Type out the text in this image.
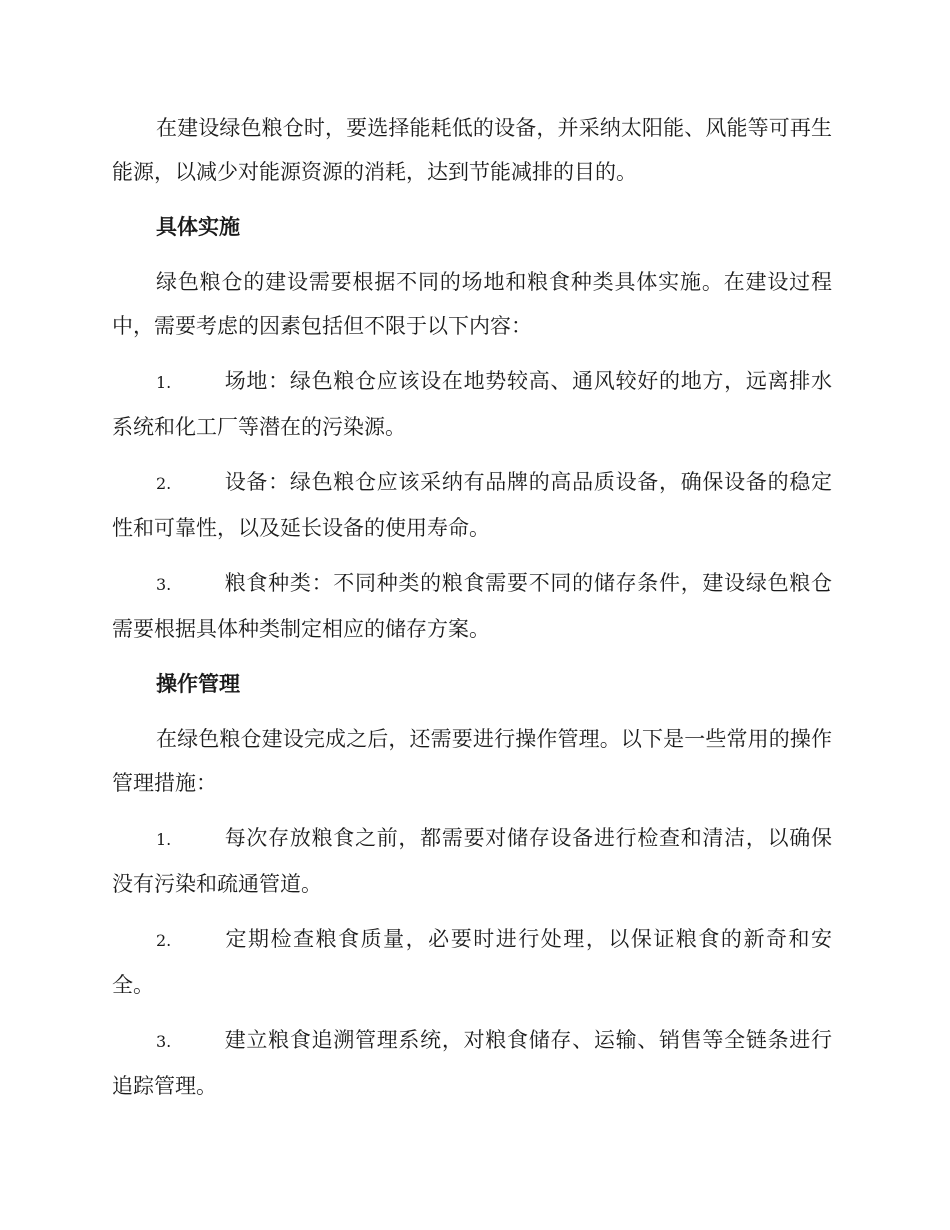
在建设绿色粮仓时，要选择能耗低的设备，并采纳太阳能、风能等可再生能源，以减少对能源资源的消耗，达到节能减排的目的。

具体实施

绿色粮仓的建设需要根据不同的场地和粮食种类具体实施。在建设过程中，需要考虑的因素包括但不限于以下内容：

1.	场地：绿色粮仓应该设在地势较高、通风较好的地方，远离排水系统和化工厂等潜在的污染源。
2.	设备：绿色粮仓应该采纳有品牌的高品质设备，确保设备的稳定性和可靠性，以及延长设备的使用寿命。
3.	粮食种类：不同种类的粮食需要不同的储存条件，建设绿色粮仓需要根据具体种类制定相应的储存方案。
操作管理

在绿色粮仓建设完成之后，还需要进行操作管理。以下是一些常用的操作管理措施：

1.	每次存放粮食之前，都需要对储存设备进行检查和清洁，以确保没有污染和疏通管道。
2.	定期检查粮食质量，必要时进行处理，以保证粮食的新奇和安全。
3.	建立粮食追溯管理系统，对粮食储存、运输、销售等全链条进行追踪管理。
